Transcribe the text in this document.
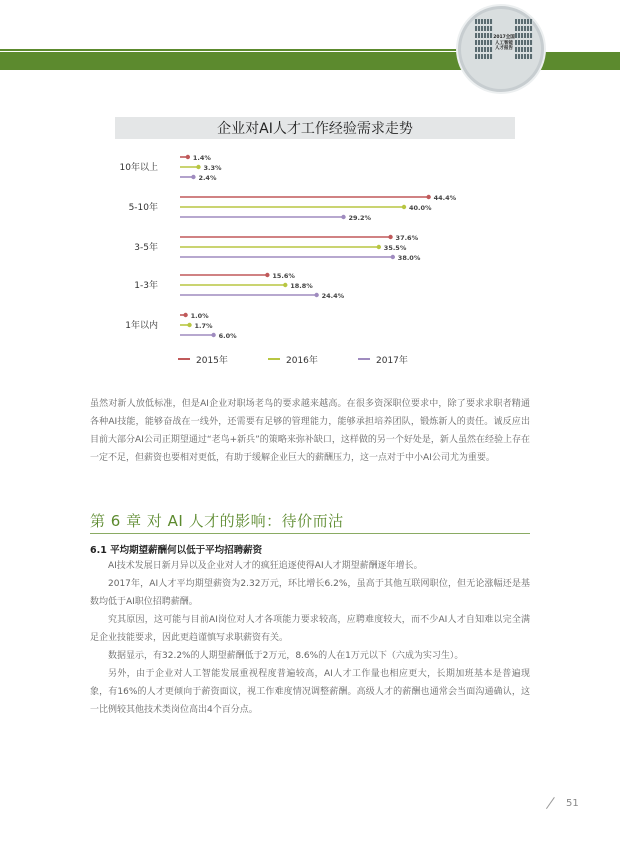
2017全国
人工智能
人才报告
企业对AI人才工作经验需求走势
10年以上
1.4%
3.3%
2.4%
5-10年
44.4%
40.0%
29.2%
3-5年
37.6%
35.5%
38.0%
1-3年
15.6%
18.8%
24.4%
1年以内
1.0%
1.7%
6.0%
2015年	2016年	2017年
虽然对新人放低标准，但是AI企业对职场老鸟的要求越来越高。在很多资深职位要求中，除了要求求职者精通各种AI技能，能够奋战在一线外，还需要有足够的管理能力，能够承担培养团队，锻炼新人的责任。诚反应出目前大部分AI公司正期望通过“老鸟+新兵”的策略来弥补缺口，这样做的另一个好处是，新人虽然在经验上存在一定不足，但薪资也要相对更低，有助于缓解企业巨大的薪酬压力，这一点对于中小AI公司尤为重要。
第 6 章 对 AI 人才的影响：待价而沽
6.1 平均期望薪酬何以低于平均招聘薪资
AI技术发展日新月异以及企业对人才的疯狂追逐使得AI人才期望薪酬逐年增长。
2017年，AI人才平均期望薪资为2.32万元，环比增长6.2%，虽高于其他互联网职位，但无论涨幅还是基数均低于AI职位招聘薪酬。
究其原因，这可能与目前AI岗位对人才各项能力要求较高，应聘难度较大，而不少AI人才自知难以完全满足企业技能要求，因此更趋谨慎写求职薪资有关。
数据显示，有32.2%的人期望薪酬低于2万元，8.6%的人在1万元以下（六成为实习生）。
另外，由于企业对人工智能发展重视程度普遍较高，AI人才工作量也相应更大，长期加班基本是普遍现象，有16%的人才更倾向于薪资面议，视工作难度情况调整薪酬。高级人才的薪酬也通常会当面沟通确认，这一比例较其他技术类岗位高出4个百分点。
51
